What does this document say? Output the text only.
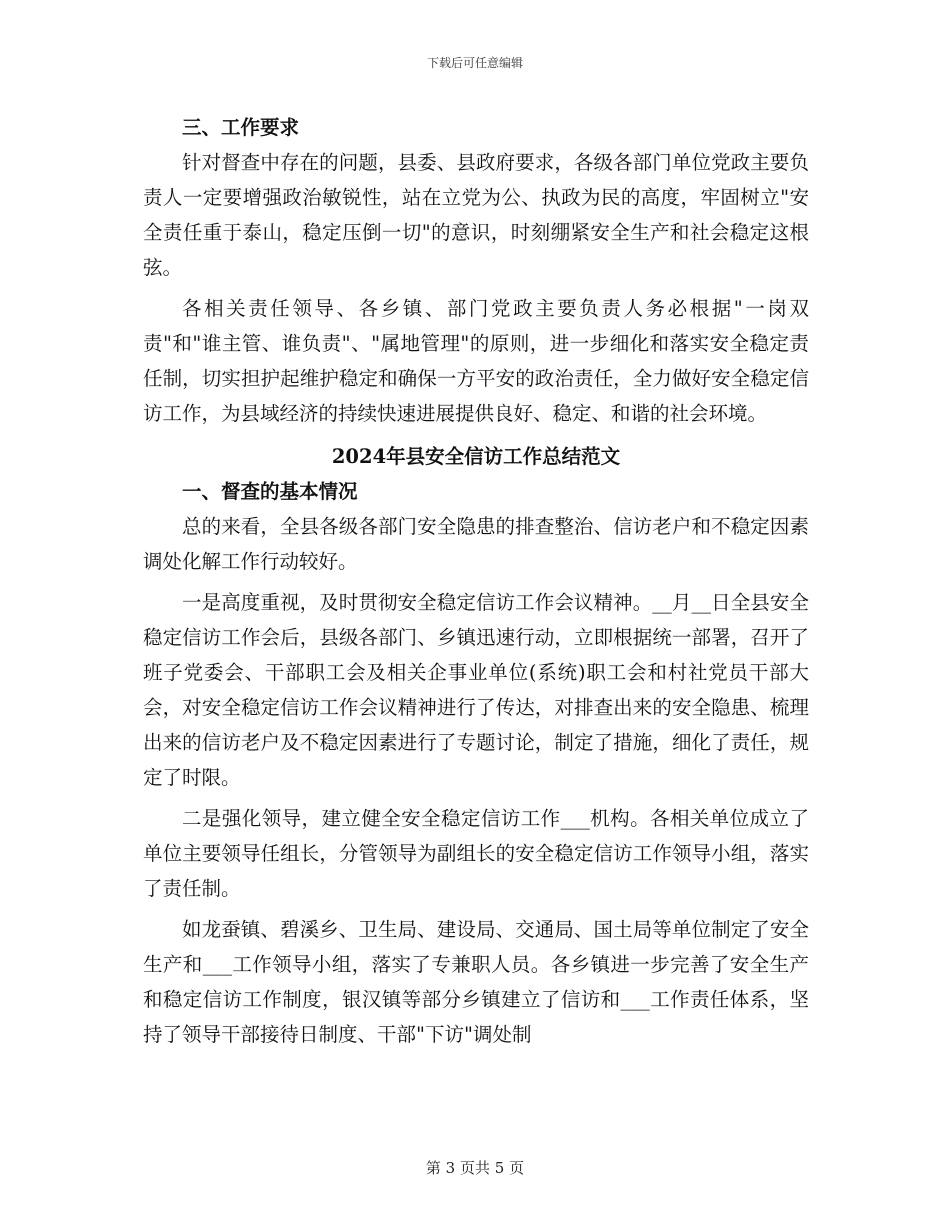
下载后可任意编辑

三、工作要求

针对督查中存在的问题，县委、县政府要求，各级各部门单位党政主要负责人一定要增强政治敏锐性，站在立党为公、执政为民的高度，牢固树立"安全责任重于泰山，稳定压倒一切"的意识，时刻绷紧安全生产和社会稳定这根弦。

各相关责任领导、各乡镇、部门党政主要负责人务必根据"一岗双责"和"谁主管、谁负责"、"属地管理"的原则，进一步细化和落实安全稳定责任制，切实担护起维护稳定和确保一方平安的政治责任，全力做好安全稳定信访工作，为县域经济的持续快速进展提供良好、稳定、和谐的社会环境。

2024年县安全信访工作总结范文

一、督查的基本情况

总的来看，全县各级各部门安全隐患的排查整治、信访老户和不稳定因素调处化解工作行动较好。

一是高度重视，及时贯彻安全稳定信访工作会议精神。__月__日全县安全稳定信访工作会后，县级各部门、乡镇迅速行动，立即根据统一部署，召开了班子党委会、干部职工会及相关企事业单位(系统)职工会和村社党员干部大会，对安全稳定信访工作会议精神进行了传达，对排查出来的安全隐患、梳理出来的信访老户及不稳定因素进行了专题讨论，制定了措施，细化了责任，规定了时限。

二是强化领导，建立健全安全稳定信访工作___机构。各相关单位成立了单位主要领导任组长，分管领导为副组长的安全稳定信访工作领导小组，落实了责任制。

如龙蚕镇、碧溪乡、卫生局、建设局、交通局、国土局等单位制定了安全生产和___工作领导小组，落实了专兼职人员。各乡镇进一步完善了安全生产和稳定信访工作制度，银汉镇等部分乡镇建立了信访和___工作责任体系，坚持了领导干部接待日制度、干部"下访"调处制

第 3 页共 5 页
